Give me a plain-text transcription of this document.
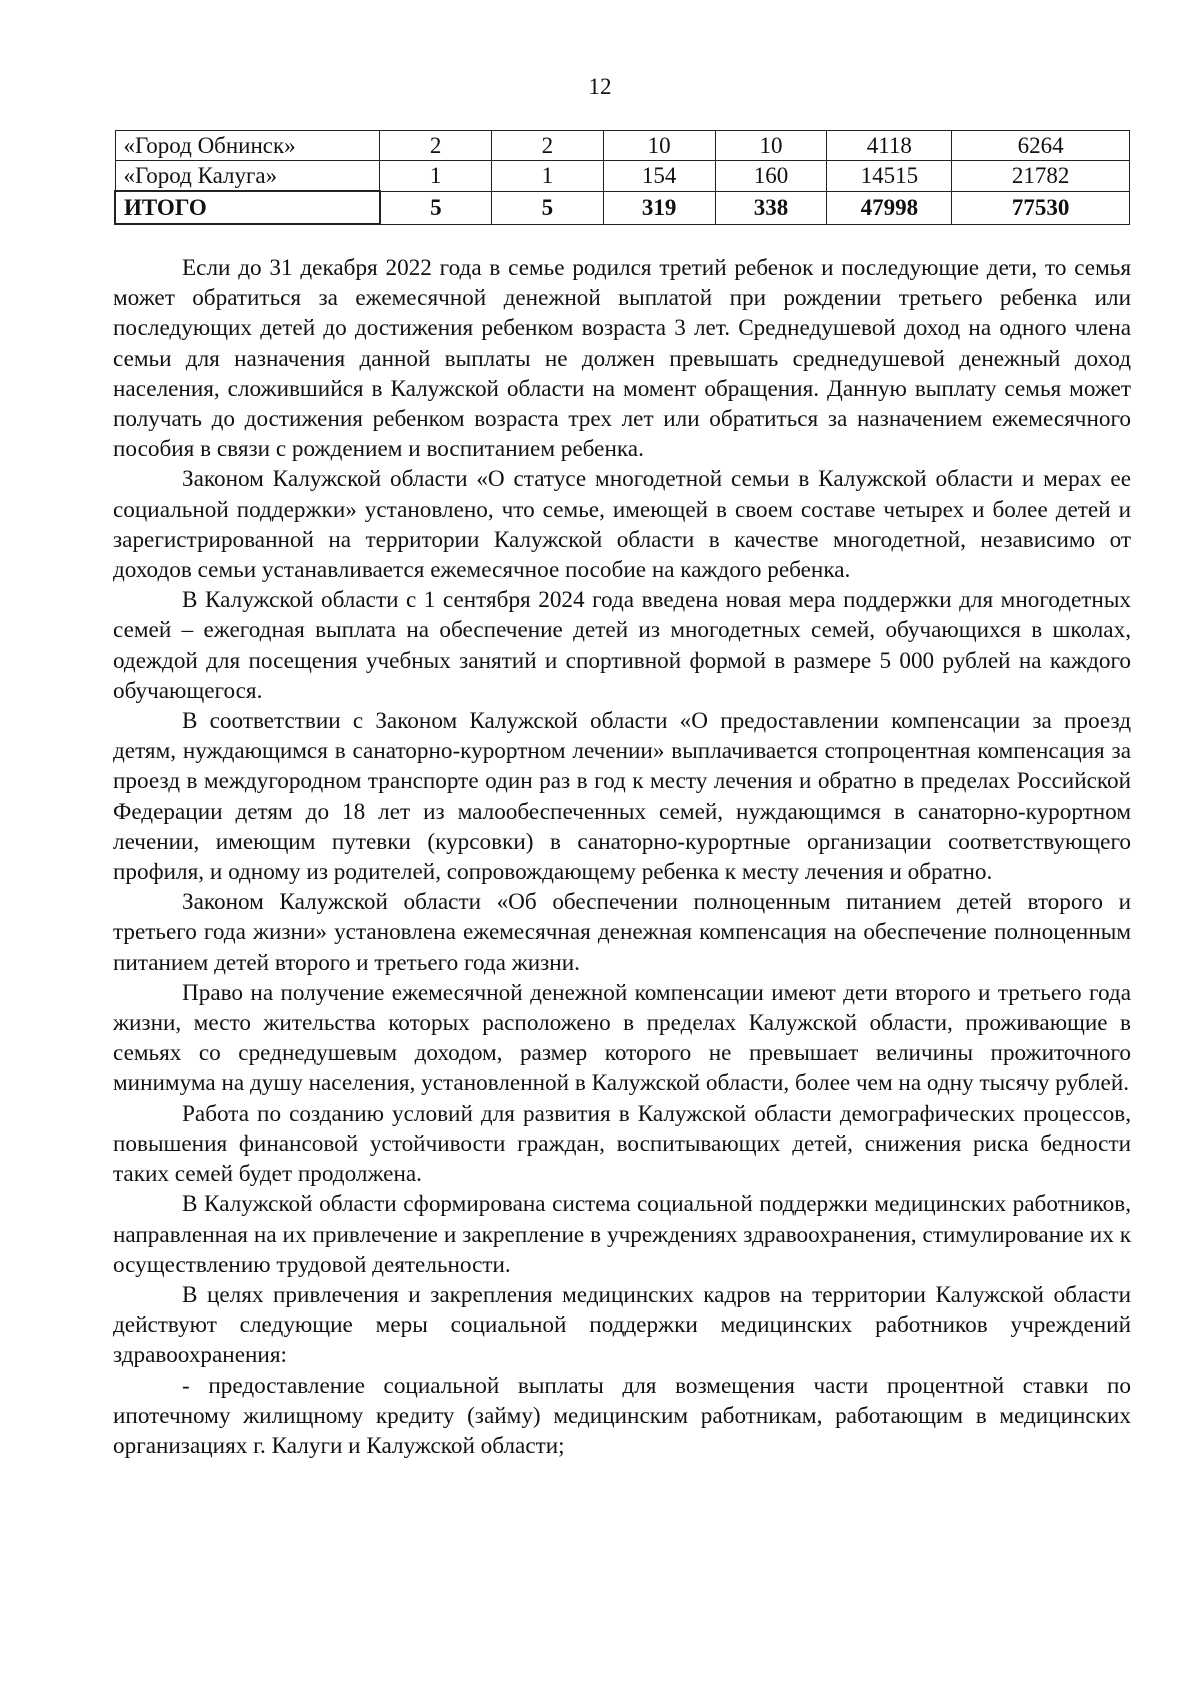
12
«Город Обнинск»	2	2	10	10	4118	6264
«Город Калуга»	1	1	154	160	14515	21782
ИТОГО	5	5	319	338	47998	77530

Если до 31 декабря 2022 года в семье родился третий ребенок и последующие дети, то семья может обратиться за ежемесячной денежной выплатой при рождении третьего ребенка или последующих детей до достижения ребенком возраста 3 лет. Среднедушевой доход на одного члена семьи для назначения данной выплаты не должен превышать среднедушевой денежный доход населения, сложившийся в Калужской области на момент обращения. Данную выплату семья может получать до достижения ребенком возраста трех лет или обратиться за назначением ежемесячного пособия в связи с рождением и воспитанием ребенка.

Законом Калужской области «О статусе многодетной семьи в Калужской области и мерах ее социальной поддержки» установлено, что семье, имеющей в своем составе четырех и более детей и зарегистрированной на территории Калужской области в качестве многодетной, независимо от доходов семьи устанавливается ежемесячное пособие на каждого ребенка.

В Калужской области с 1 сентября 2024 года введена новая мера поддержки для многодетных семей – ежегодная выплата на обеспечение детей из многодетных семей, обучающихся в школах, одеждой для посещения учебных занятий и спортивной формой в размере 5 000 рублей на каждого обучающегося.

В соответствии с Законом Калужской области «О предоставлении компенсации за проезд детям, нуждающимся в санаторно-курортном лечении» выплачивается стопроцентная компенсация за проезд в междугородном транспорте один раз в год к месту лечения и обратно в пределах Российской Федерации детям до 18 лет из малообеспеченных семей, нуждающимся в санаторно-курортном лечении, имеющим путевки (курсовки) в санаторно-курортные организации соответствующего профиля, и одному из родителей, сопровождающему ребенка к месту лечения и обратно.

Законом Калужской области «Об обеспечении полноценным питанием детей второго и третьего года жизни» установлена ежемесячная денежная компенсация на обеспечение полноценным питанием детей второго и третьего года жизни.

Право на получение ежемесячной денежной компенсации имеют дети второго и третьего года жизни, место жительства которых расположено в пределах Калужской области, проживающие в семьях со среднедушевым доходом, размер которого не превышает величины прожиточного минимума на душу населения, установленной в Калужской области, более чем на одну тысячу рублей.

Работа по созданию условий для развития в Калужской области демографических процессов, повышения финансовой устойчивости граждан, воспитывающих детей, снижения риска бедности таких семей будет продолжена.

В Калужской области сформирована система социальной поддержки медицинских работников, направленная на их привлечение и закрепление в учреждениях здравоохранения, стимулирование их к осуществлению трудовой деятельности.

В целях привлечения и закрепления медицинских кадров на территории Калужской области действуют следующие меры социальной поддержки медицинских работников учреждений здравоохранения:

- предоставление социальной выплаты для возмещения части процентной ставки по ипотечному жилищному кредиту (займу) медицинским работникам, работающим в медицинских организациях г. Калуги и Калужской области;
